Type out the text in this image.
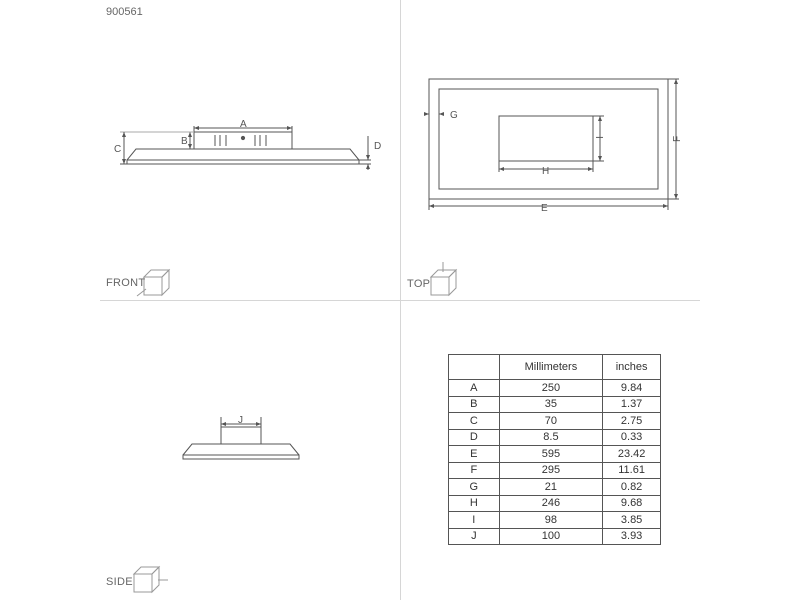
900561
A
B
C	D
G
H
I
E
F
J
FRONT	TOP
SIDE
	Millimeters	inches
A	250	9.84
B	35	1.37
C	70	2.75
D	8.5	0.33
E	595	23.42
F	295	11.61
G	21	0.82
H	246	9.68
I	98	3.85
J	100	3.93
